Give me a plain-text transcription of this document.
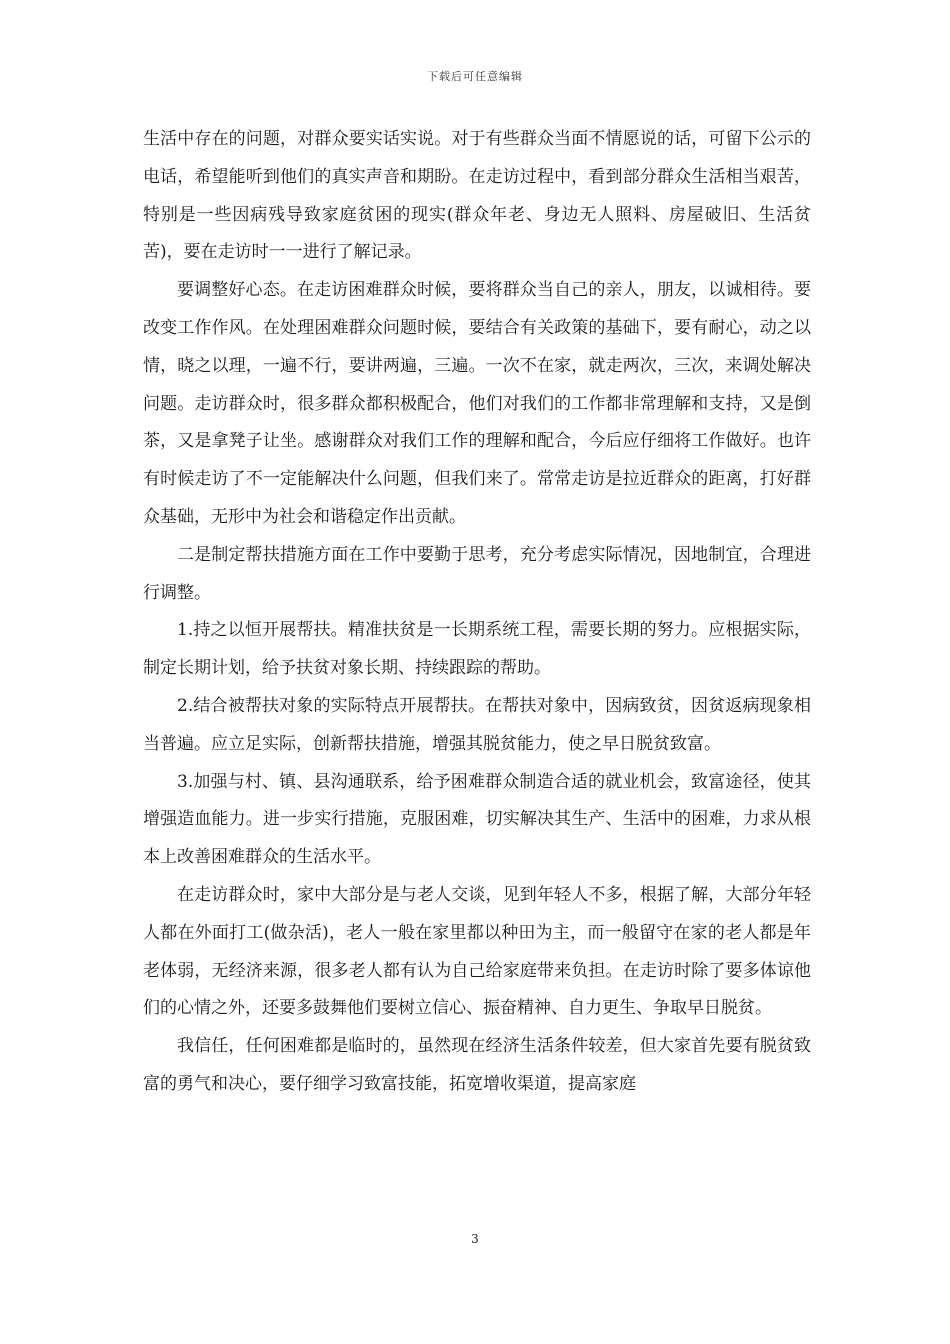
下载后可任意编辑

生活中存在的问题，对群众要实话实说。对于有些群众当面不情愿说的话，可留下公示的电话，希望能听到他们的真实声音和期盼。在走访过程中，看到部分群众生活相当艰苦，特别是一些因病残导致家庭贫困的现实(群众年老、身边无人照料、房屋破旧、生活贫苦)，要在走访时一一进行了解记录。

要调整好心态。在走访困难群众时候，要将群众当自己的亲人，朋友，以诚相待。要改变工作作风。在处理困难群众问题时候，要结合有关政策的基础下，要有耐心，动之以情，晓之以理，一遍不行，要讲两遍，三遍。一次不在家，就走两次，三次，来调处解决问题。走访群众时，很多群众都积极配合，他们对我们的工作都非常理解和支持，又是倒茶，又是拿凳子让坐。感谢群众对我们工作的理解和配合，今后应仔细将工作做好。也许有时候走访了不一定能解决什么问题，但我们来了。常常走访是拉近群众的距离，打好群众基础，无形中为社会和谐稳定作出贡献。

二是制定帮扶措施方面在工作中要勤于思考，充分考虑实际情况，因地制宜，合理进行调整。

1.持之以恒开展帮扶。精准扶贫是一长期系统工程，需要长期的努力。应根据实际，制定长期计划，给予扶贫对象长期、持续跟踪的帮助。

2.结合被帮扶对象的实际特点开展帮扶。在帮扶对象中，因病致贫，因贫返病现象相当普遍。应立足实际，创新帮扶措施，增强其脱贫能力，使之早日脱贫致富。

3.加强与村、镇、县沟通联系，给予困难群众制造合适的就业机会，致富途径，使其增强造血能力。进一步实行措施，克服困难，切实解决其生产、生活中的困难，力求从根本上改善困难群众的生活水平。

在走访群众时，家中大部分是与老人交谈，见到年轻人不多，根据了解，大部分年轻人都在外面打工(做杂活)，老人一般在家里都以种田为主，而一般留守在家的老人都是年老体弱，无经济来源，很多老人都有认为自己给家庭带来负担。在走访时除了要多体谅他们的心情之外，还要多鼓舞他们要树立信心、振奋精神、自力更生、争取早日脱贫。

我信任，任何困难都是临时的，虽然现在经济生活条件较差，但大家首先要有脱贫致富的勇气和决心，要仔细学习致富技能，拓宽增收渠道，提高家庭

3
